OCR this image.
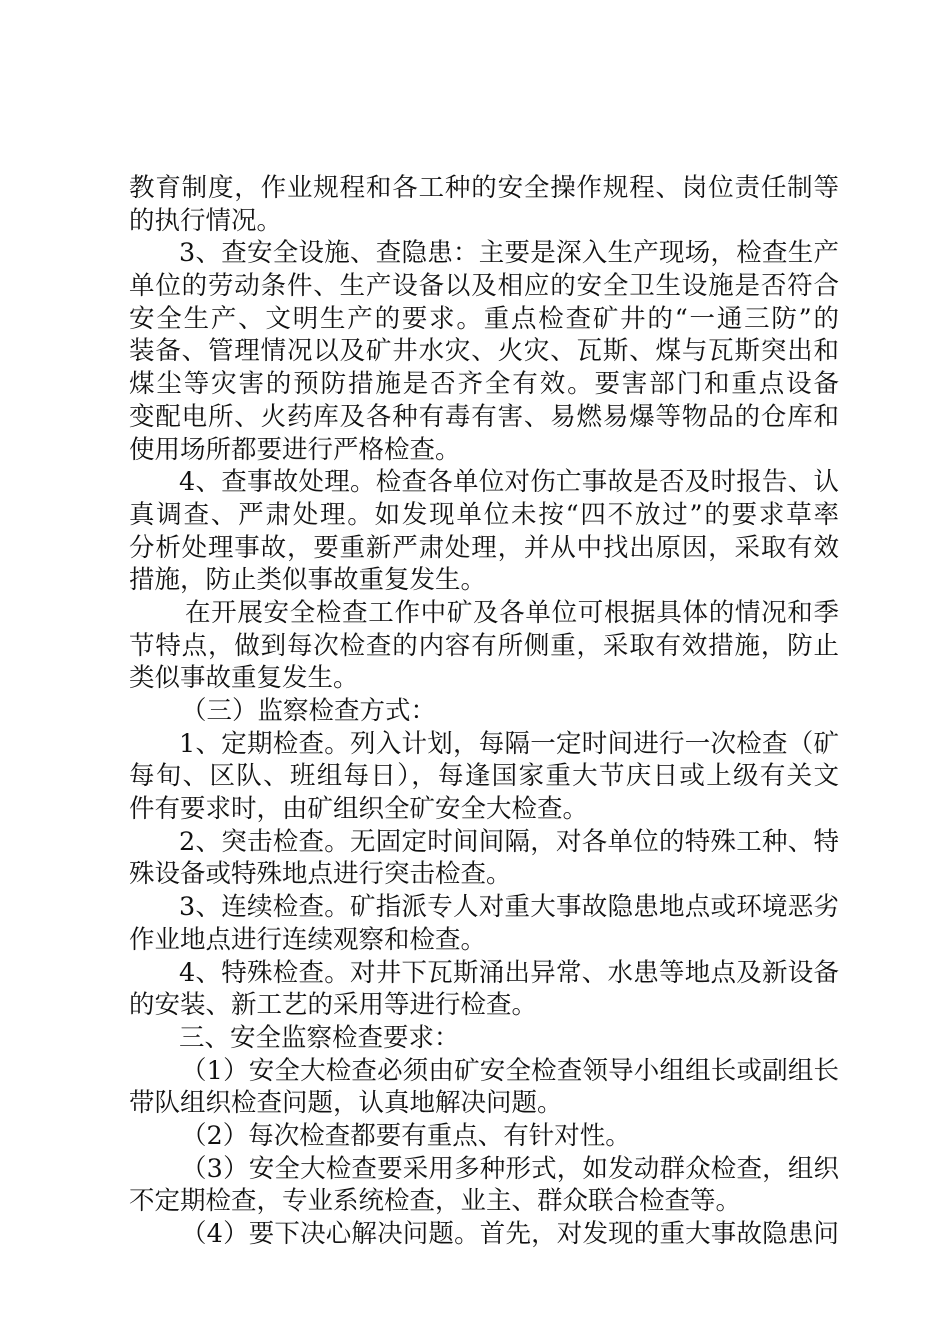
教育制度，作业规程和各工种的安全操作规程、岗位责任制等
的执行情况。
3、查安全设施、查隐患：主要是深入生产现场，检查生产
单位的劳动条件、生产设备以及相应的安全卫生设施是否符合
安全生产、文明生产的要求。重点检查矿井的“一通三防”的
装备、管理情况以及矿井水灾、火灾、瓦斯、煤与瓦斯突出和
煤尘等灾害的预防措施是否齐全有效。要害部门和重点设备
变配电所、火药库及各种有毒有害、易燃易爆等物品的仓库和
使用场所都要进行严格检查。
4、查事故处理。检查各单位对伤亡事故是否及时报告、认
真调查、严肃处理。如发现单位未按“四不放过”的要求草率
分析处理事故，要重新严肃处理，并从中找出原因，采取有效
措施，防止类似事故重复发生。
在开展安全检查工作中矿及各单位可根据具体的情况和季
节特点，做到每次检查的内容有所侧重，采取有效措施，防止
类似事故重复发生。
（三）监察检查方式：
1、定期检查。列入计划，每隔一定时间进行一次检查（矿
每旬、区队、班组每日），每逢国家重大节庆日或上级有关文
件有要求时，由矿组织全矿安全大检查。
2、突击检查。无固定时间间隔，对各单位的特殊工种、特
殊设备或特殊地点进行突击检查。
3、连续检查。矿指派专人对重大事故隐患地点或环境恶劣
作业地点进行连续观察和检查。
4、特殊检查。对井下瓦斯涌出异常、水患等地点及新设备
的安装、新工艺的采用等进行检查。
三、安全监察检查要求：
（1）安全大检查必须由矿安全检查领导小组组长或副组长
带队组织检查问题，认真地解决问题。
（2）每次检查都要有重点、有针对性。
（3）安全大检查要采用多种形式，如发动群众检查，组织
不定期检查，专业系统检查，业主、群众联合检查等。
（4）要下决心解决问题。首先，对发现的重大事故隐患问
